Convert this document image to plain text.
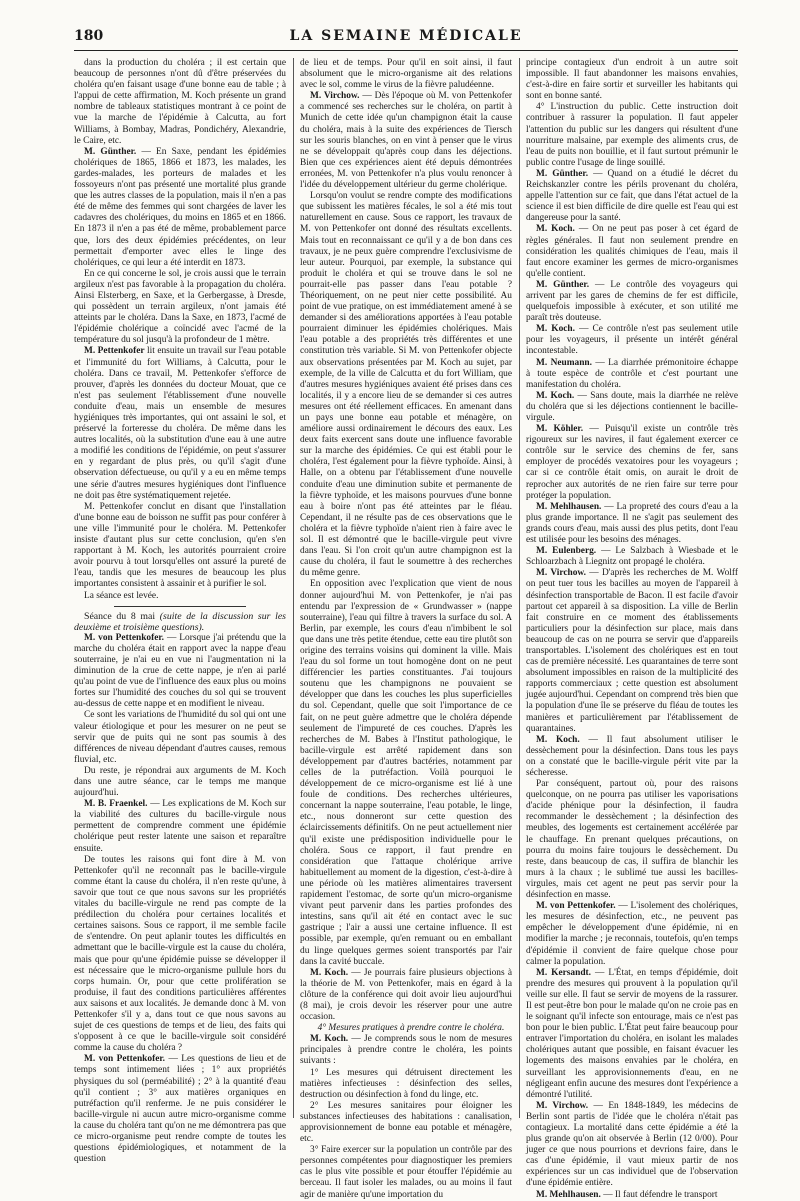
180	LA SEMAINE MÉDICALE

dans la production du choléra ; il est certain que beaucoup de personnes n'ont dû d'être préservées du choléra qu'en faisant usage d'une bonne eau de table ; à l'appui de cette affirmation, M. Koch présente un grand nombre de tableaux statistiques montrant à ce point de vue la marche de l'épidémie à Calcutta, au fort Williams, à Bombay, Madras, Pondichéry, Alexandrie, le Caire, etc.

M. Günther. — En Saxe, pendant les épidémies cholériques de 1865, 1866 et 1873, les malades, les gardes-malades, les porteurs de malades et les fossoyeurs n'ont pas présenté une mortalité plus grande que les autres classes de la population, mais il n'en a pas été de même des femmes qui sont chargées de laver les cadavres des cholériques, du moins en 1865 et en 1866. En 1873 il n'en a pas été de même, probablement parce que, lors des deux épidémies précédentes, on leur permettait d'emporter avec elles le linge des cholériques, ce qui leur a été interdit en 1873.

En ce qui concerne le sol, je crois aussi que le terrain argileux n'est pas favorable à la propagation du choléra. Ainsi Elsterberg, en Saxe, et la Gerbergasse, à Dresde, qui possèdent un terrain argileux, n'ont jamais été atteints par le choléra. Dans la Saxe, en 1873, l'acmé de l'épidémie cholérique a coïncidé avec l'acmé de la température du sol jusqu'à la profondeur de 1 mètre.

M. Pettenkofer lit ensuite un travail sur l'eau potable et l'immunité du fort Williams, à Calcutta, pour le choléra. Dans ce travail, M. Pettenkofer s'efforce de prouver, d'après les données du docteur Mouat, que ce n'est pas seulement l'établissement d'une nouvelle conduite d'eau, mais un ensemble de mesures hygiéniques très importantes, qui ont assaini le sol, et préservé la forteresse du choléra. De même dans les autres localités, où la substitution d'une eau à une autre a modifié les conditions de l'épidémie, on peut s'assurer en y regardant de plus près, ou qu'il s'agit d'une observation défectueuse, ou qu'il y a eu en même temps une série d'autres mesures hygiéniques dont l'influence ne doit pas être systématiquement rejetée.

M. Pettenkofer conclut en disant que l'installation d'une bonne eau de boisson ne suffit pas pour conférer à une ville l'immunité pour le choléra. M. Pettenkofer insiste d'autant plus sur cette conclusion, qu'en s'en rapportant à M. Koch, les autorités pourraient croire avoir pourvu à tout lorsqu'elles ont assuré la pureté de l'eau, tandis que les mesures de beaucoup les plus importantes consistent à assainir et à purifier le sol.

La séance est levée.

Séance du 8 mai (suite de la discussion sur les deuxième et troisième questions).

M. von Pettenkofer. — Lorsque j'ai prétendu que la marche du choléra était en rapport avec la nappe d'eau souterraine, je n'ai eu en vue ni l'augmentation ni la diminution de la crue de cette nappe, je n'en ai parlé qu'au point de vue de l'influence des eaux plus ou moins fortes sur l'humidité des couches du sol qui se trouvent au-dessus de cette nappe et en modifient le niveau.

Ce sont les variations de l'humidité du sol qui ont une valeur étiologique et pour les mesurer on ne peut se servir que de puits qui ne sont pas soumis à des différences de niveau dépendant d'autres causes, remous fluvial, etc.

Du reste, je répondrai aux arguments de M. Koch dans une autre séance, car le temps me manque aujourd'hui.

M. B. Fraenkel. — Les explications de M. Koch sur la viabilité des cultures du bacille-virgule nous permettent de comprendre comment une épidémie cholérique peut rester latente une saison et reparaître ensuite.

De toutes les raisons qui font dire à M. von Pettenkofer qu'il ne reconnaît pas le bacille-virgule comme étant la cause du choléra, il n'en reste qu'une, à savoir que tout ce que nous savons sur les propriétés vitales du bacille-virgule ne rend pas compte de la prédilection du choléra pour certaines localités et certaines saisons. Sous ce rapport, il me semble facile de s'entendre. On peut aplanir toutes les difficultés en admettant que le bacille-virgule est la cause du choléra, mais que pour qu'une épidémie puisse se développer il est nécessaire que le micro-organisme pullule hors du corps humain. Or, pour que cette prolifération se produise, il faut des conditions particulières afférentes aux saisons et aux localités. Je demande donc à M. von Pettenkofer s'il y a, dans tout ce que nous savons au sujet de ces questions de temps et de lieu, des faits qui s'opposent à ce que le bacille-virgule soit considéré comme la cause du choléra ?

M. von Pettenkofer. — Les questions de lieu et de temps sont intimement liées ; 1° aux propriétés physiques du sol (perméabilité) ; 2° à la quantité d'eau qu'il contient ; 3° aux matières organiques en putréfaction qu'il renferme. Je ne puis considérer le bacille-virgule ni aucun autre micro-organisme comme la cause du choléra tant qu'on ne me démontrera pas que ce micro-organisme peut rendre compte de toutes les questions épidémiologiques, et notamment de la question

de lieu et de temps. Pour qu'il en soit ainsi, il faut absolument que le micro-organisme ait des relations avec le sol, comme le virus de la fièvre paludéenne.

M. Virchow. — Dès l'époque où M. von Pettenkofer a commencé ses recherches sur le choléra, on partit à Munich de cette idée qu'un champignon était la cause du choléra, mais à la suite des expériences de Tiersch sur les souris blanches, on en vint à penser que le virus ne se développait qu'après coup dans les déjections. Bien que ces expériences aient été depuis démontrées erronées, M. von Pettenkofer n'a plus voulu renoncer à l'idée du développement ultérieur du germe cholérique.

Lorsqu'on voulut se rendre compte des modifications que subissent les matières fécales, le sol a été mis tout naturellement en cause. Sous ce rapport, les travaux de M. von Pettenkofer ont donné des résultats excellents. Mais tout en reconnaissant ce qu'il y a de bon dans ces travaux, je ne peux guère comprendre l'exclusivisme de leur auteur. Pourquoi, par exemple, la substance qui produit le choléra et qui se trouve dans le sol ne pourrait-elle pas passer dans l'eau potable ? Théoriquement, on ne peut nier cette possibilité. Au point de vue pratique, on est immédiatement amené à se demander si des améliorations apportées à l'eau potable pourraient diminuer les épidémies cholériques. Mais l'eau potable a des propriétés très différentes et une constitution très variable. Si M. von Pettenkofer objecte aux observations présentées par M. Koch au sujet, par exemple, de la ville de Calcutta et du fort William, que d'autres mesures hygiéniques avaient été prises dans ces localités, il y a encore lieu de se demander si ces autres mesures ont été réellement efficaces. En amenant dans un pays une bonne eau potable et ménagère, on améliore aussi ordinairement le décours des eaux. Les deux faits exercent sans doute une influence favorable sur la marche des épidémies. Ce qui est établi pour le choléra, l'est également pour la fièvre typhoïde. Ainsi, à Halle, on a obtenu par l'établissement d'une nouvelle conduite d'eau une diminution subite et permanente de la fièvre typhoïde, et les maisons pourvues d'une bonne eau à boire n'ont pas été atteintes par le fléau. Cependant, il ne résulte pas de ces observations que le choléra et la fièvre typhoïde n'aient rien à faire avec le sol. Il est démontré que le bacille-virgule peut vivre dans l'eau. Si l'on croit qu'un autre champignon est la cause du choléra, il faut le soumettre à des recherches du même genre.

En opposition avec l'explication que vient de nous donner aujourd'hui M. von Pettenkofer, je n'ai pas entendu par l'expression de « Grundwasser » (nappe souterraine), l'eau qui filtre à travers la surface du sol. A Berlin, par exemple, les cours d'eau n'imbibent le sol que dans une très petite étendue, cette eau tire plutôt son origine des terrains voisins qui dominent la ville. Mais l'eau du sol forme un tout homogène dont on ne peut différencier les parties constituantes. J'ai toujours soutenu que les champignons ne pouvaient se développer que dans les couches les plus superficielles du sol. Cependant, quelle que soit l'importance de ce fait, on ne peut guère admettre que le choléra dépende seulement de l'impureté de ces couches. D'après les recherches de M. Babes à l'Institut pathologique, le bacille-virgule est arrêté rapidement dans son développement par d'autres bactéries, notamment par celles de la putréfaction. Voilà pourquoi le développement de ce micro-organisme est lié à une foule de conditions. Des recherches ultérieures, concernant la nappe souterraine, l'eau potable, le linge, etc., nous donneront sur cette question des éclaircissements définitifs. On ne peut actuellement nier qu'il existe une prédisposition individuelle pour le choléra. Sous ce rapport, il faut prendre en considération que l'attaque cholérique arrive habituellement au moment de la digestion, c'est-à-dire à une période où les matières alimentaires traversent rapidement l'estomac, de sorte qu'un micro-organisme vivant peut parvenir dans les parties profondes des intestins, sans qu'il ait été en contact avec le suc gastrique ; l'air a aussi une certaine influence. Il est possible, par exemple, qu'en remuant ou en emballant du linge quelques germes soient transportés par l'air dans la cavité buccale.

M. Koch. — Je pourrais faire plusieurs objections à la théorie de M. von Pettenkofer, mais en égard à la clôture de la conférence qui doit avoir lieu aujourd'hui (8 mai), je crois devoir les réserver pour une autre occasion.

4° Mesures pratiques à prendre contre le choléra.

M. Koch. — Je comprends sous le nom de mesures principales à prendre contre le choléra, les points suivants :

1° Les mesures qui détruisent directement les matières infectieuses : désinfection des selles, destruction ou désinfection à fond du linge, etc.

2° Les mesures sanitaires pour éloigner les substances infectieuses des habitations : canalisation, approvisionnement de bonne eau potable et ménagère, etc.

3° Faire exercer sur la population un contrôle par des personnes compétentes pour diagnostiquer les premiers cas le plus vite possible et pour étouffer l'épidémie au berceau. Il faut isoler les malades, ou au moins il faut agir de manière qu'une importation du

principe contagieux d'un endroit à un autre soit impossible. Il faut abandonner les maisons envahies, c'est-à-dire en faire sortir et surveiller les habitants qui sont en bonne santé.

4° L'instruction du public. Cette instruction doit contribuer à rassurer la population. Il faut appeler l'attention du public sur les dangers qui résultent d'une nourriture malsaine, par exemple des aliments crus, de l'eau de puits non bouillie, et il faut surtout prémunir le public contre l'usage de linge souillé.

M. Günther. — Quand on a étudié le décret du Reichskanzler contre les périls provenant du choléra, appelle l'attention sur ce fait, que dans l'état actuel de la science il est bien difficile de dire quelle est l'eau qui est dangereuse pour la santé.

M. Koch. — On ne peut pas poser à cet égard de règles générales. Il faut non seulement prendre en considération les qualités chimiques de l'eau, mais il faut encore examiner les germes de micro-organismes qu'elle contient.

M. Günther. — Le contrôle des voyageurs qui arrivent par les gares de chemins de fer est difficile, quelquefois impossible à exécuter, et son utilité me paraît très douteuse.

M. Koch. — Ce contrôle n'est pas seulement utile pour les voyageurs, il présente un intérêt général incontestable.

M. Neumann. — La diarrhée prémonitoire échappe à toute espèce de contrôle et c'est pourtant une manifestation du choléra.

M. Koch. — Sans doute, mais la diarrhée ne relève du choléra que si les déjections contiennent le bacille-virgule.

M. Köhler. — Puisqu'il existe un contrôle très rigoureux sur les navires, il faut également exercer ce contrôle sur le service des chemins de fer, sans employer de procédés vexatoires pour les voyageurs ; car si ce contrôle était omis, on aurait le droit de reprocher aux autorités de ne rien faire sur terre pour protéger la population.

M. Mehlhausen. — La propreté des cours d'eau a la plus grande importance. Il ne s'agit pas seulement des grands cours d'eau, mais aussi des plus petits, dont l'eau est utilisée pour les besoins des ménages.

M. Eulenberg. — Le Salzbach à Wiesbade et le Schloarzbach à Liegnitz ont propagé le choléra.

M. Virchow. — D'après les recherches de M. Wolff on peut tuer tous les bacilles au moyen de l'appareil à désinfection transportable de Bacon. Il est facile d'avoir partout cet appareil à sa disposition. La ville de Berlin fait construire en ce moment des établissements particuliers pour la désinfection sur place, mais dans beaucoup de cas on ne pourra se servir que d'appareils transportables. L'isolement des cholériques est en tout cas de première nécessité. Les quarantaines de terre sont absolument impossibles en raison de la multiplicité des rapports commerciaux ; cette question est absolument jugée aujourd'hui. Cependant on comprend très bien que la population d'une île se préserve du fléau de toutes les manières et particulièrement par l'établissement de quarantaines.

M. Koch. — Il faut absolument utiliser le dessèchement pour la désinfection. Dans tous les pays on a constaté que le bacille-virgule périt vite par la sécheresse.

Par conséquent, partout où, pour des raisons quelconque, on ne pourra pas utiliser les vaporisations d'acide phénique pour la désinfection, il faudra recommander le dessèchement ; la désinfection des meubles, des logements est certainement accélérée par le chauffage. En prenant quelques précautions, on pourra du moins faire toujours le dessèchement. Du reste, dans beaucoup de cas, il suffira de blanchir les murs à la chaux ; le sublimé tue aussi les bacilles-virgules, mais cet agent ne peut pas servir pour la désinfection en masse.

M. von Pettenkofer. — L'isolement des cholériques, les mesures de désinfection, etc., ne peuvent pas empêcher le développement d'une épidémie, ni en modifier la marche ; je reconnais, toutefois, qu'en temps d'épidémie il convient de faire quelque chose pour calmer la population.

M. Kersandt. — L'État, en temps d'épidémie, doit prendre des mesures qui prouvent à la population qu'il veille sur elle. Il faut se servir de moyens de la rassurer. Il est peut-être bon pour le malade qu'on ne croie pas en le soignant qu'il infecte son entourage, mais ce n'est pas bon pour le bien public. L'État peut faire beaucoup pour entraver l'importation du choléra, en isolant les malades cholériques autant que possible, en faisant évacuer les logements des maisons envahies par le choléra, en surveillant les approvisionnements d'eau, en ne négligeant enfin aucune des mesures dont l'expérience a démontré l'utilité.

M. Virchow. — En 1848-1849, les médecins de Berlin sont partis de l'idée que le choléra n'était pas contagieux. La mortalité dans cette épidémie a été la plus grande qu'on ait observée à Berlin (12 0/00). Pour juger ce que nous pourrions et devrions faire, dans le cas d'une épidémie, il vaut mieux partir de nos expériences sur un cas individuel que de l'observation d'une épidémie entière.

M. Mehlhausen. — Il faut défendre le transport
